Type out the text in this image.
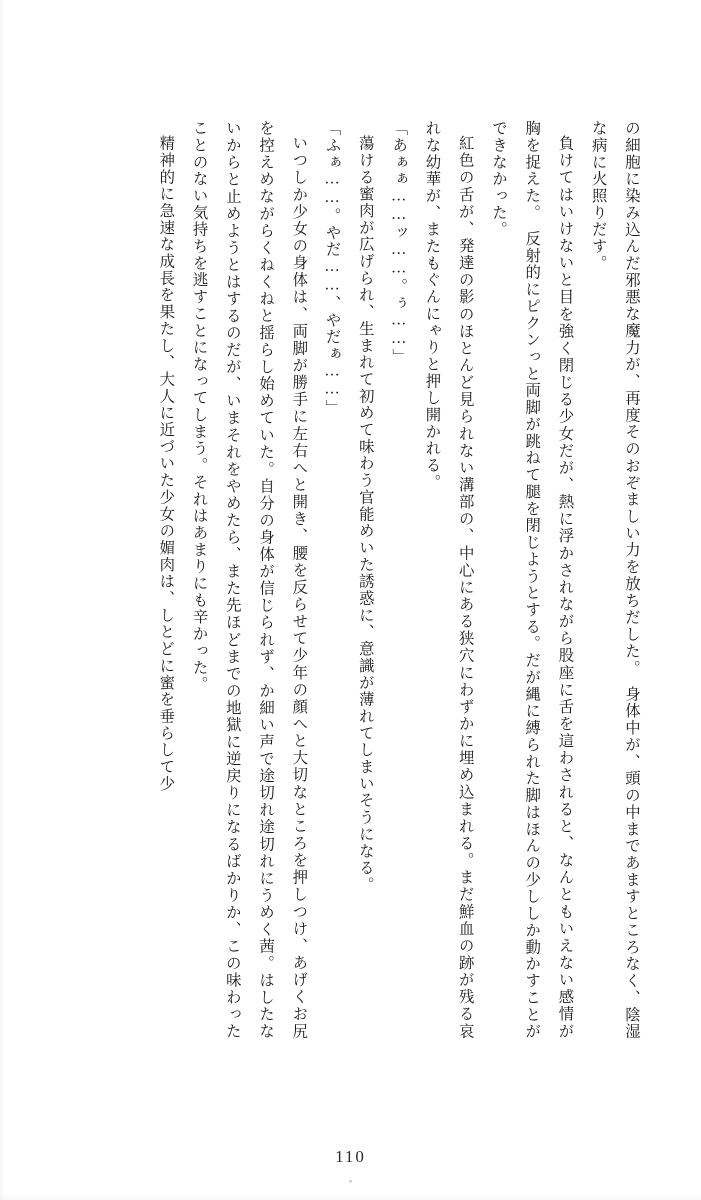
の細胞に染み込んだ邪悪な魔力が、再度そのおぞましい力を放ちだした。　身体中が、頭の中まであますところなく、陰湿な病に火照りだす。

負けてはいけないと目を強く閉じる少女だが、熱に浮かされながら股座に舌を這わされると、なんともいえない感情が胸を捉えた。　反射的にピクンっと両脚が跳ねて腿を閉じようとする。だが縄に縛られた脚はほんの少ししか動かすことができなかった。

紅色の舌が、発達の影のほとんど見られない溝部の、中心にある狭穴にわずかに埋め込まれる。まだ鮮血の跡が残る哀れな幼華が、またもぐんにゃりと押し開かれる。

「あぁぁ……ッ……。ぅ……」

蕩ける蜜肉が広げられ、生まれて初めて味わう官能めいた誘惑に、意識が薄れてしまいそうになる。

「ふぁ……。やだ……、やだぁ……」

いつしか少女の身体は、両脚が勝手に左右へと開き、腰を反らせて少年の顔へと大切なところを押しつけ、あげくお尻を控えめながらくねくねと揺らし始めていた。自分の身体が信じられず、か細い声で途切れ途切れにうめく茜。はしたないからと止めようとはするのだが、いまそれをやめたら、また先ほどまでの地獄に逆戻りになるばかりか、この味わったことのない気持ちを逃すことになってしまう。それはあまりにも辛かった。

精神的に急速な成長を果たし、大人に近づいた少女の媚肉は、しとどに蜜を垂らして少

110
◦
